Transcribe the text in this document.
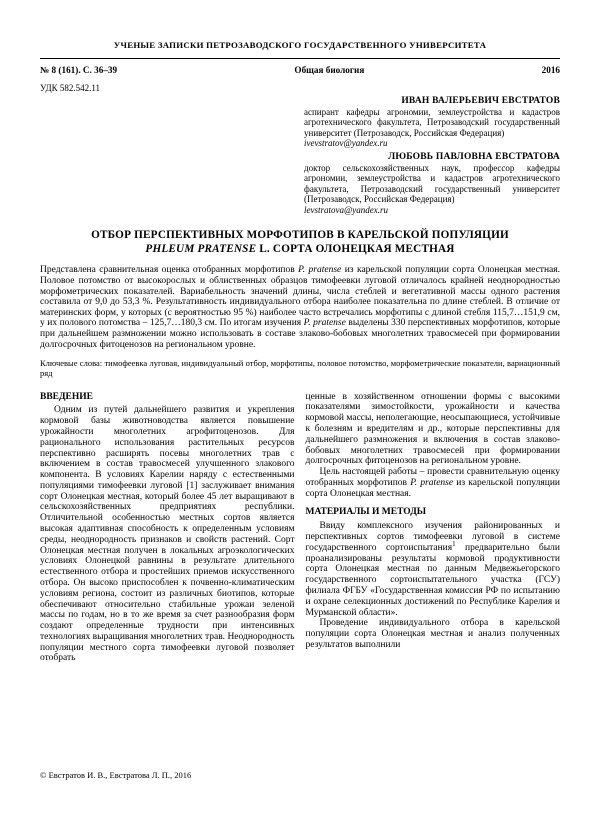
УЧЕНЫЕ ЗАПИСКИ ПЕТРОЗАВОДСКОГО ГОСУДАРСТВЕННОГО УНИВЕРСИТЕТА
№ 8 (161). С. 36–39	Общая биология	2016
УДК 582.542.11
ИВАН ВАЛЕРЬЕВИЧ ЕВСТРАТОВ
аспирант кафедры агрономии, землеустройства и кадастров агротехнического факультета, Петрозаводский государственный университет (Петрозаводск, Российская Федерация)
ivevstratov@yandex.ru
ЛЮБОВЬ ПАВЛОВНА ЕВСТРАТОВА
доктор сельскохозяйственных наук, профессор кафедры агрономии, землеустройства и кадастров агротехнического факультета, Петрозаводский государственный университет (Петрозаводск, Российская Федерация)
levstratova@yandex.ru
ОТБОР ПЕРСПЕКТИВНЫХ МОРФОТИПОВ В КАРЕЛЬСКОЙ ПОПУЛЯЦИИ
PHLEUM PRATENSE L. СОРТА ОЛОНЕЦКАЯ МЕСТНАЯ
Представлена сравнительная оценка отобранных морфотипов P. pratense из карельской популяции сорта Олонецкая местная. Половое потомство от высокорослых и облиственных образцов тимофеевки луговой отличалось крайней неоднородностью морфометрических показателей. Вариабельность значений длины, числа стеблей и вегетативной массы одного растения составила от 9,0 до 53,3 %. Результативность индивидуального отбора наиболее показательна по длине стеблей. В отличие от материнских форм, у которых (с вероятностью 95 %) наиболее часто встречались морфотипы с длиной стебля 115,7…151,9 см, у их полового потомства – 125,7…180,3 см. По итогам изучения P. pratense выделены 330 перспективных морфотипов, которые при дальнейшем размножении можно использовать в составе злаково-бобовых многолетних травосмесей при формировании долгосрочных фитоценозов на региональном уровне.
Ключевые слова: тимофеевка луговая, индивидуальный отбор, морфотипы, половое потомство, морфометрические показатели, вариационный ряд
ВВЕДЕНИЕ

Одним из путей дальнейшего развития и укрепления кормовой базы животноводства является повышение урожайности многолетних агрофитоценозов. Для рационального использования растительных ресурсов перспективно расширять посевы многолетних трав с включением в состав травосмесей улучшенного злакового компонента. В условиях Карелии наряду с естественными популяциями тимофеевки луговой [1] заслуживает внимания сорт Олонецкая местная, который более 45 лет выращивают в сельскохозяйственных предприятиях республики. Отличительной особенностью местных сортов является высокая адаптивная способность к определенным условиям среды, неоднородность признаков и свойств растений. Сорт Олонецкая местная получен в локальных агроэкологических условиях Олонецкой равнины в результате длительного естественного отбора и простейших приемов искусственного отбора. Он высоко приспособлен к почвенно-климатическим условиям региона, состоит из различных биотипов, которые обеспечивают относительно стабильные урожаи зеленой массы по годам, но в то же время за счет разнообразия форм создают определенные трудности при интенсивных технологиях выращивания многолетних трав. Неоднородность популяции местного сорта тимофеевки луговой позволяет отобрать

ценные в хозяйственном отношении формы с высокими показателями зимостойкости, урожайности и качества кормовой массы, неполегающие, неосыпающиеся, устойчивые к болезням и вредителям и др., которые перспективны для дальнейшего размножения и включения в состав злаково-бобовых многолетних травосмесей при формировании долгосрочных фитоценозов на региональном уровне.

Цель настоящей работы – провести сравнительную оценку отобранных морфотипов P. pratense из карельской популяции сорта Олонецкая местная.

МАТЕРИАЛЫ И МЕТОДЫ

Ввиду комплексного изучения районированных и перспективных сортов тимофеевки луговой в системе государственного сортоиспытания$^1$ предварительно были проанализированы результаты кормовой продуктивности сорта Олонецкая местная по данным Медвежьегорского государственного сортоиспытательного участка (ГСУ) филиала ФГБУ «Государственная комиссия РФ по испытанию и охране селекционных достижений по Республике Карелия и Мурманской области».

Проведение индивидуального отбора в карельской популяции сорта Олонецкая местная и анализ полученных результатов выполнили

© Евстратов И. В., Евстратова Л. П., 2016
